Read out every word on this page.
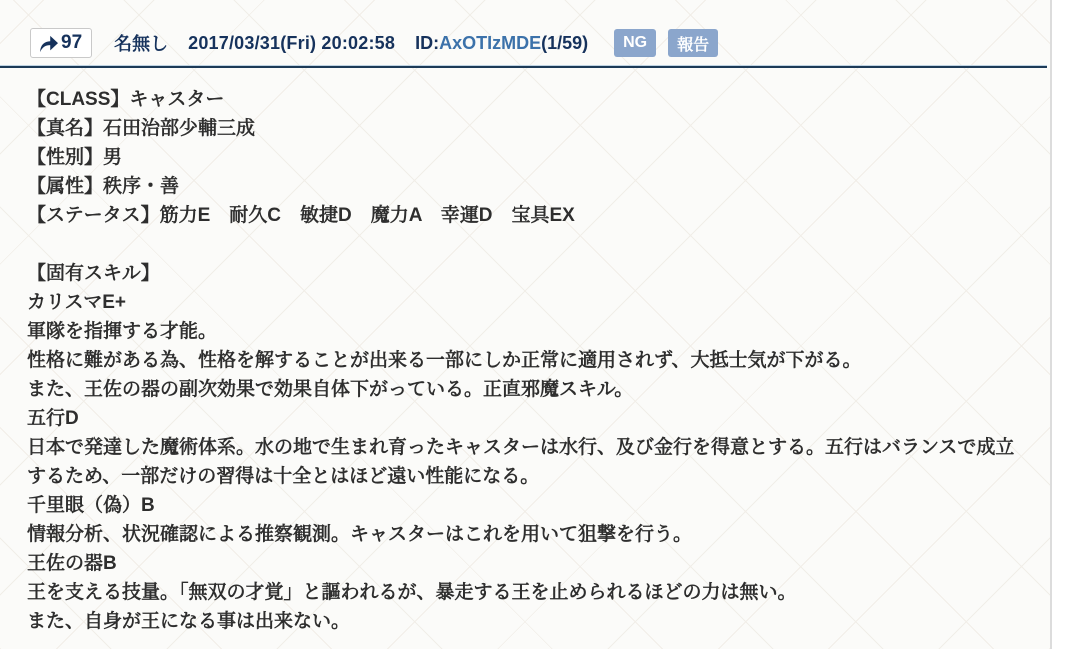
97 名無し 2017/03/31(Fri) 20:02:58 ID:AxOTIzMDE(1/59)	NG	報告
【CLASS】キャスター
【真名】石田治部少輔三成
【性別】男
【属性】秩序・善
【ステータス】筋力E　耐久C　敏捷D　魔力A　幸運D　宝具EX

【固有スキル】
カリスマE+
軍隊を指揮する才能。
性格に難がある為、性格を解することが出来る一部にしか正常に適用されず、大抵士気が下がる。
また、王佐の器の副次効果で効果自体下がっている。正直邪魔スキル。
五行D
日本で発達した魔術体系。水の地で生まれ育ったキャスターは水行、及び金行を得意とする。五行はバランスで成立するため、一部だけの習得は十全とはほど遠い性能になる。
千里眼（偽）B
情報分析、状況確認による推察観測。キャスターはこれを用いて狙撃を行う。
王佐の器B
王を支える技量。「無双の才覚」と謳われるが、暴走する王を止められるほどの力は無い。
また、自身が王になる事は出来ない。
